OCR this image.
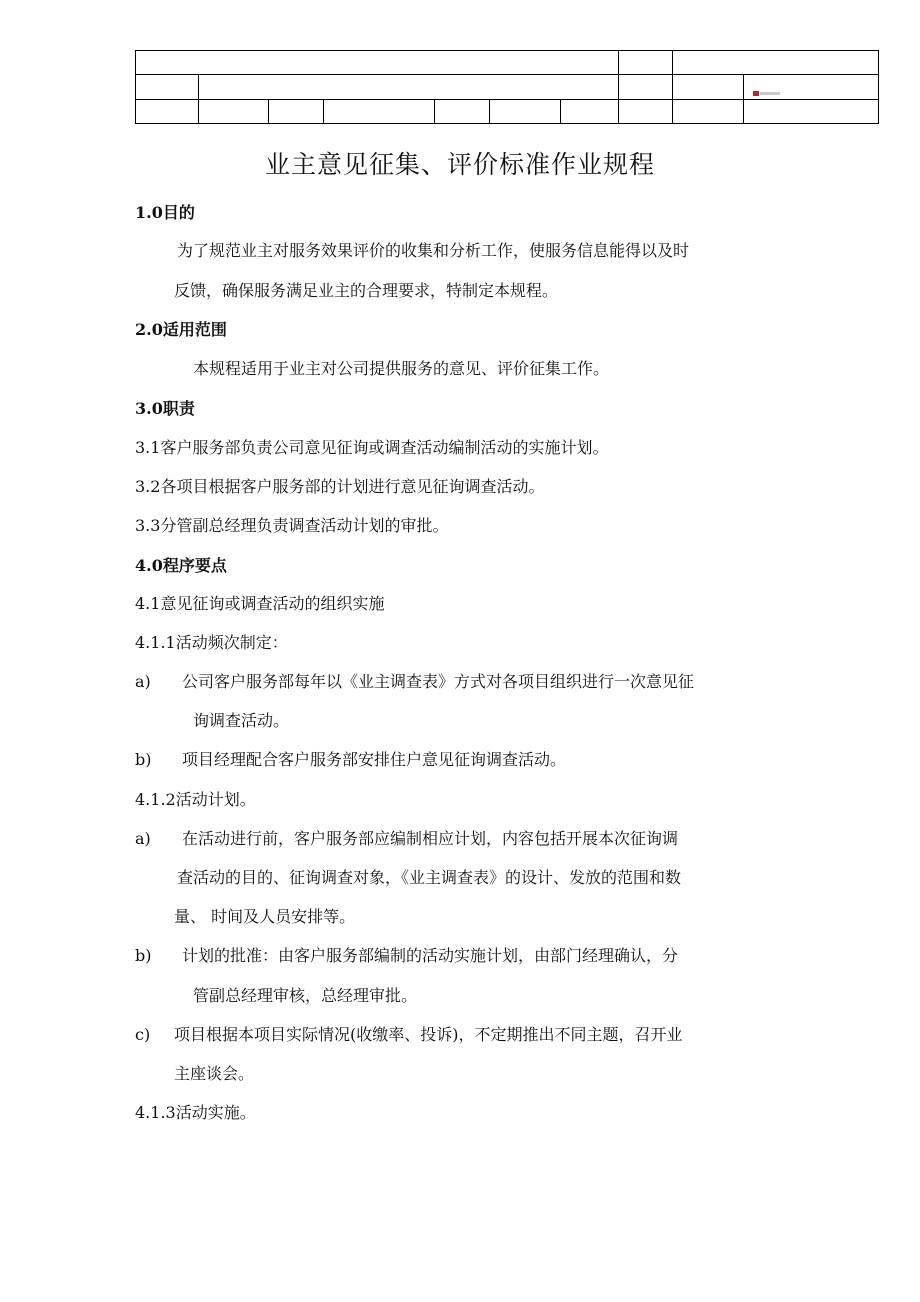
业主意见征集、评价标准作业规程
1.0目的
为了规范业主对服务效果评价的收集和分析工作，使服务信息能得以及时
反馈，确保服务满足业主的合理要求，特制定本规程。
2.0适用范围
本规程适用于业主对公司提供服务的意见、评价征集工作。
3.0职责
3.1客户服务部负责公司意见征询或调查活动编制活动的实施计划。
3.2各项目根据客户服务部的计划进行意见征询调查活动。
3.3分管副总经理负责调查活动计划的审批。
4.0程序要点
4.1意见征询或调查活动的组织实施
4.1.1活动频次制定：
a) 公司客户服务部每年以《业主调查表》方式对各项目组织进行一次意见征
询调查活动。
b) 项目经理配合客户服务部安排住户意见征询调查活动。
4.1.2活动计划。
a) 在活动进行前，客户服务部应编制相应计划，内容包括开展本次征询调
查活动的目的、征询调查对象，《业主调查表》的设计、发放的范围和数
量、 时间及人员安排等。
b) 计划的批准：由客户服务部编制的活动实施计划，由部门经理确认，分
管副总经理审核，总经理审批。
c) 项目根据本项目实际情况(收缴率、投诉)，不定期推出不同主题，召开业
主座谈会。
4.1.3活动实施。
